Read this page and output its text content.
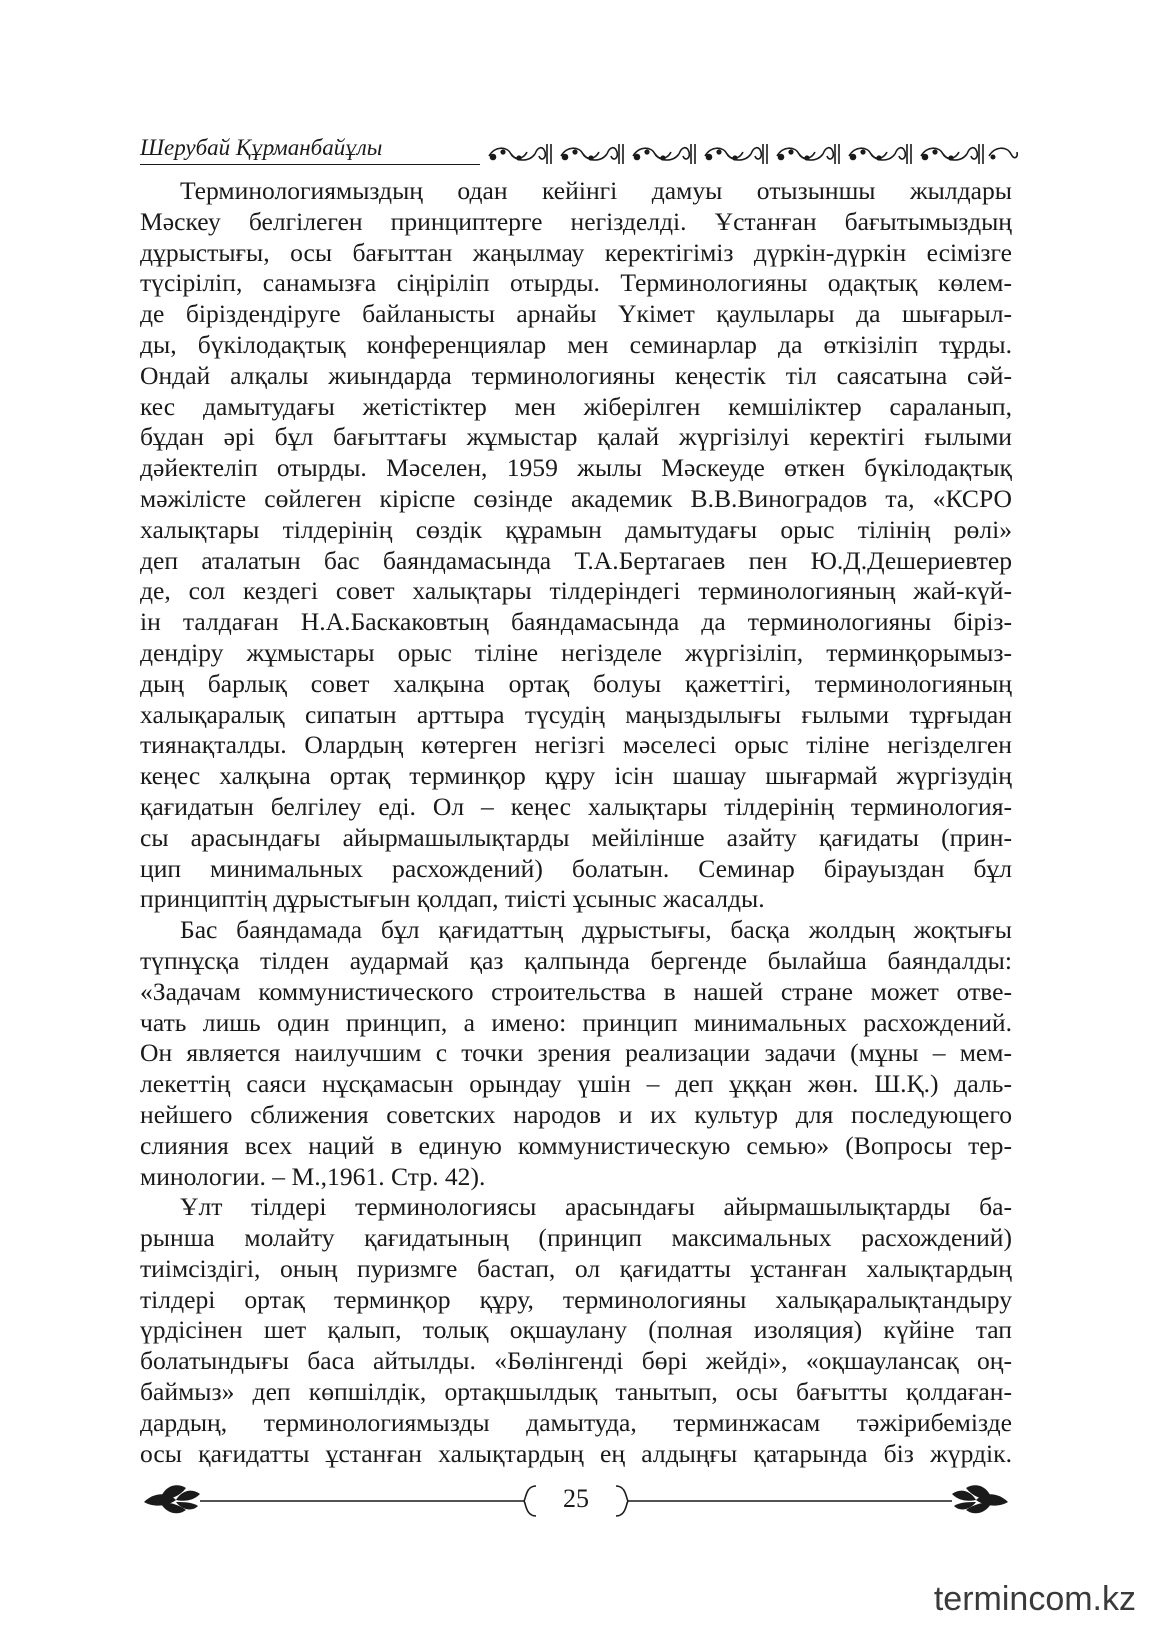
Шерубай Құрманбайұлы
Терминологиямыздың одан кейінгі дамуы отызыншы жылдары
Мәскеу белгілеген принциптерге негізделді. Ұстанған бағытымыздың
дұрыстығы, осы бағыттан жаңылмау керектігіміз дүркін-дүркін есімізге
түсіріліп, санамызға сіңіріліп отырды. Терминологияны одақтық көлем-
де біріздендіруге байланысты арнайы Үкімет қаулылары да шығарыл-
ды, бүкілодақтық конференциялар мен семинарлар да өткізіліп тұрды.
Ондай алқалы жиындарда терминологияны кеңестік тіл саясатына сәй-
кес дамытудағы жетістіктер мен жіберілген кемшіліктер сараланып,
бұдан әрі бұл бағыттағы жұмыстар қалай жүргізілуі керектігі ғылыми
дәйектеліп отырды. Мәселен, 1959 жылы Мәскеуде өткен бүкілодақтық
мәжілісте сөйлеген кіріспе сөзінде академик В.В.Виноградов та, «КСРО
халықтары тілдерінің сөздік құрамын дамытудағы орыс тілінің рөлі»
деп аталатын бас баяндамасында Т.А.Бертагаев пен Ю.Д.Дешериевтер
де, сол кездегі совет халықтары тілдеріндегі терминологияның жай-күй-
ін талдаған Н.А.Баскаковтың баяндамасында да терминологияны біріз-
дендіру жұмыстары орыс тіліне негізделе жүргізіліп, терминқорымыз-
дың барлық совет халқына ортақ болуы қажеттігі, терминологияның
халықаралық сипатын арттыра түсудің маңыздылығы ғылыми тұрғыдан
тиянақталды. Олардың көтерген негізгі мәселесі орыс тіліне негізделген
кеңес халқына ортақ терминқор құру ісін шашау шығармай жүргізудің
қағидатын белгілеу еді. Ол – кеңес халықтары тілдерінің терминология-
сы арасындағы айырмашылықтарды мейілінше азайту қағидаты (прин-
цип минимальных расхождений) болатын. Семинар бірауыздан бұл
принциптің дұрыстығын қолдап, тиісті ұсыныс жасалды.
Бас баяндамада бұл қағидаттың дұрыстығы, басқа жолдың жоқтығы
түпнұсқа тілден аудармай қаз қалпында бергенде былайша баяндалды:
«Задачам коммунистического строительства в нашей стране может отве-
чать лишь один принцип, а имено: принцип минимальных расхождений.
Он является наилучшим с точки зрения реализации задачи (мұны – мем-
лекеттің саяси нұсқамасын орындау үшін – деп ұққан жөн. Ш.Қ.) даль-
нейшего сближения советских народов и их культур для последующего
слияния всех наций в единую коммунистическую семью» (Вопросы тер-
минологии. – М.,1961. Стр. 42).
Ұлт тілдері терминологиясы арасындағы айырмашылықтарды ба-
рынша молайту қағидатының (принцип максимальных расхождений)
тиімсіздігі, оның пуризмге бастап, ол қағидатты ұстанған халықтардың
тілдері ортақ терминқор құру, терминологияны халықаралықтандыру
үрдісінен шет қалып, толық оқшаулану (полная изоляция) күйіне тап
болатындығы баса айтылды. «Бөлінгенді бөрі жейді», «оқшаулансақ оң-
баймыз» деп көпшілдік, ортақшылдық танытып, осы бағытты қолдаған-
дардың, терминологиямызды дамытуда, терминжасам тәжірибемізде
осы қағидатты ұстанған халықтардың ең алдыңғы қатарында біз жүрдік.
25
termincom.kz
